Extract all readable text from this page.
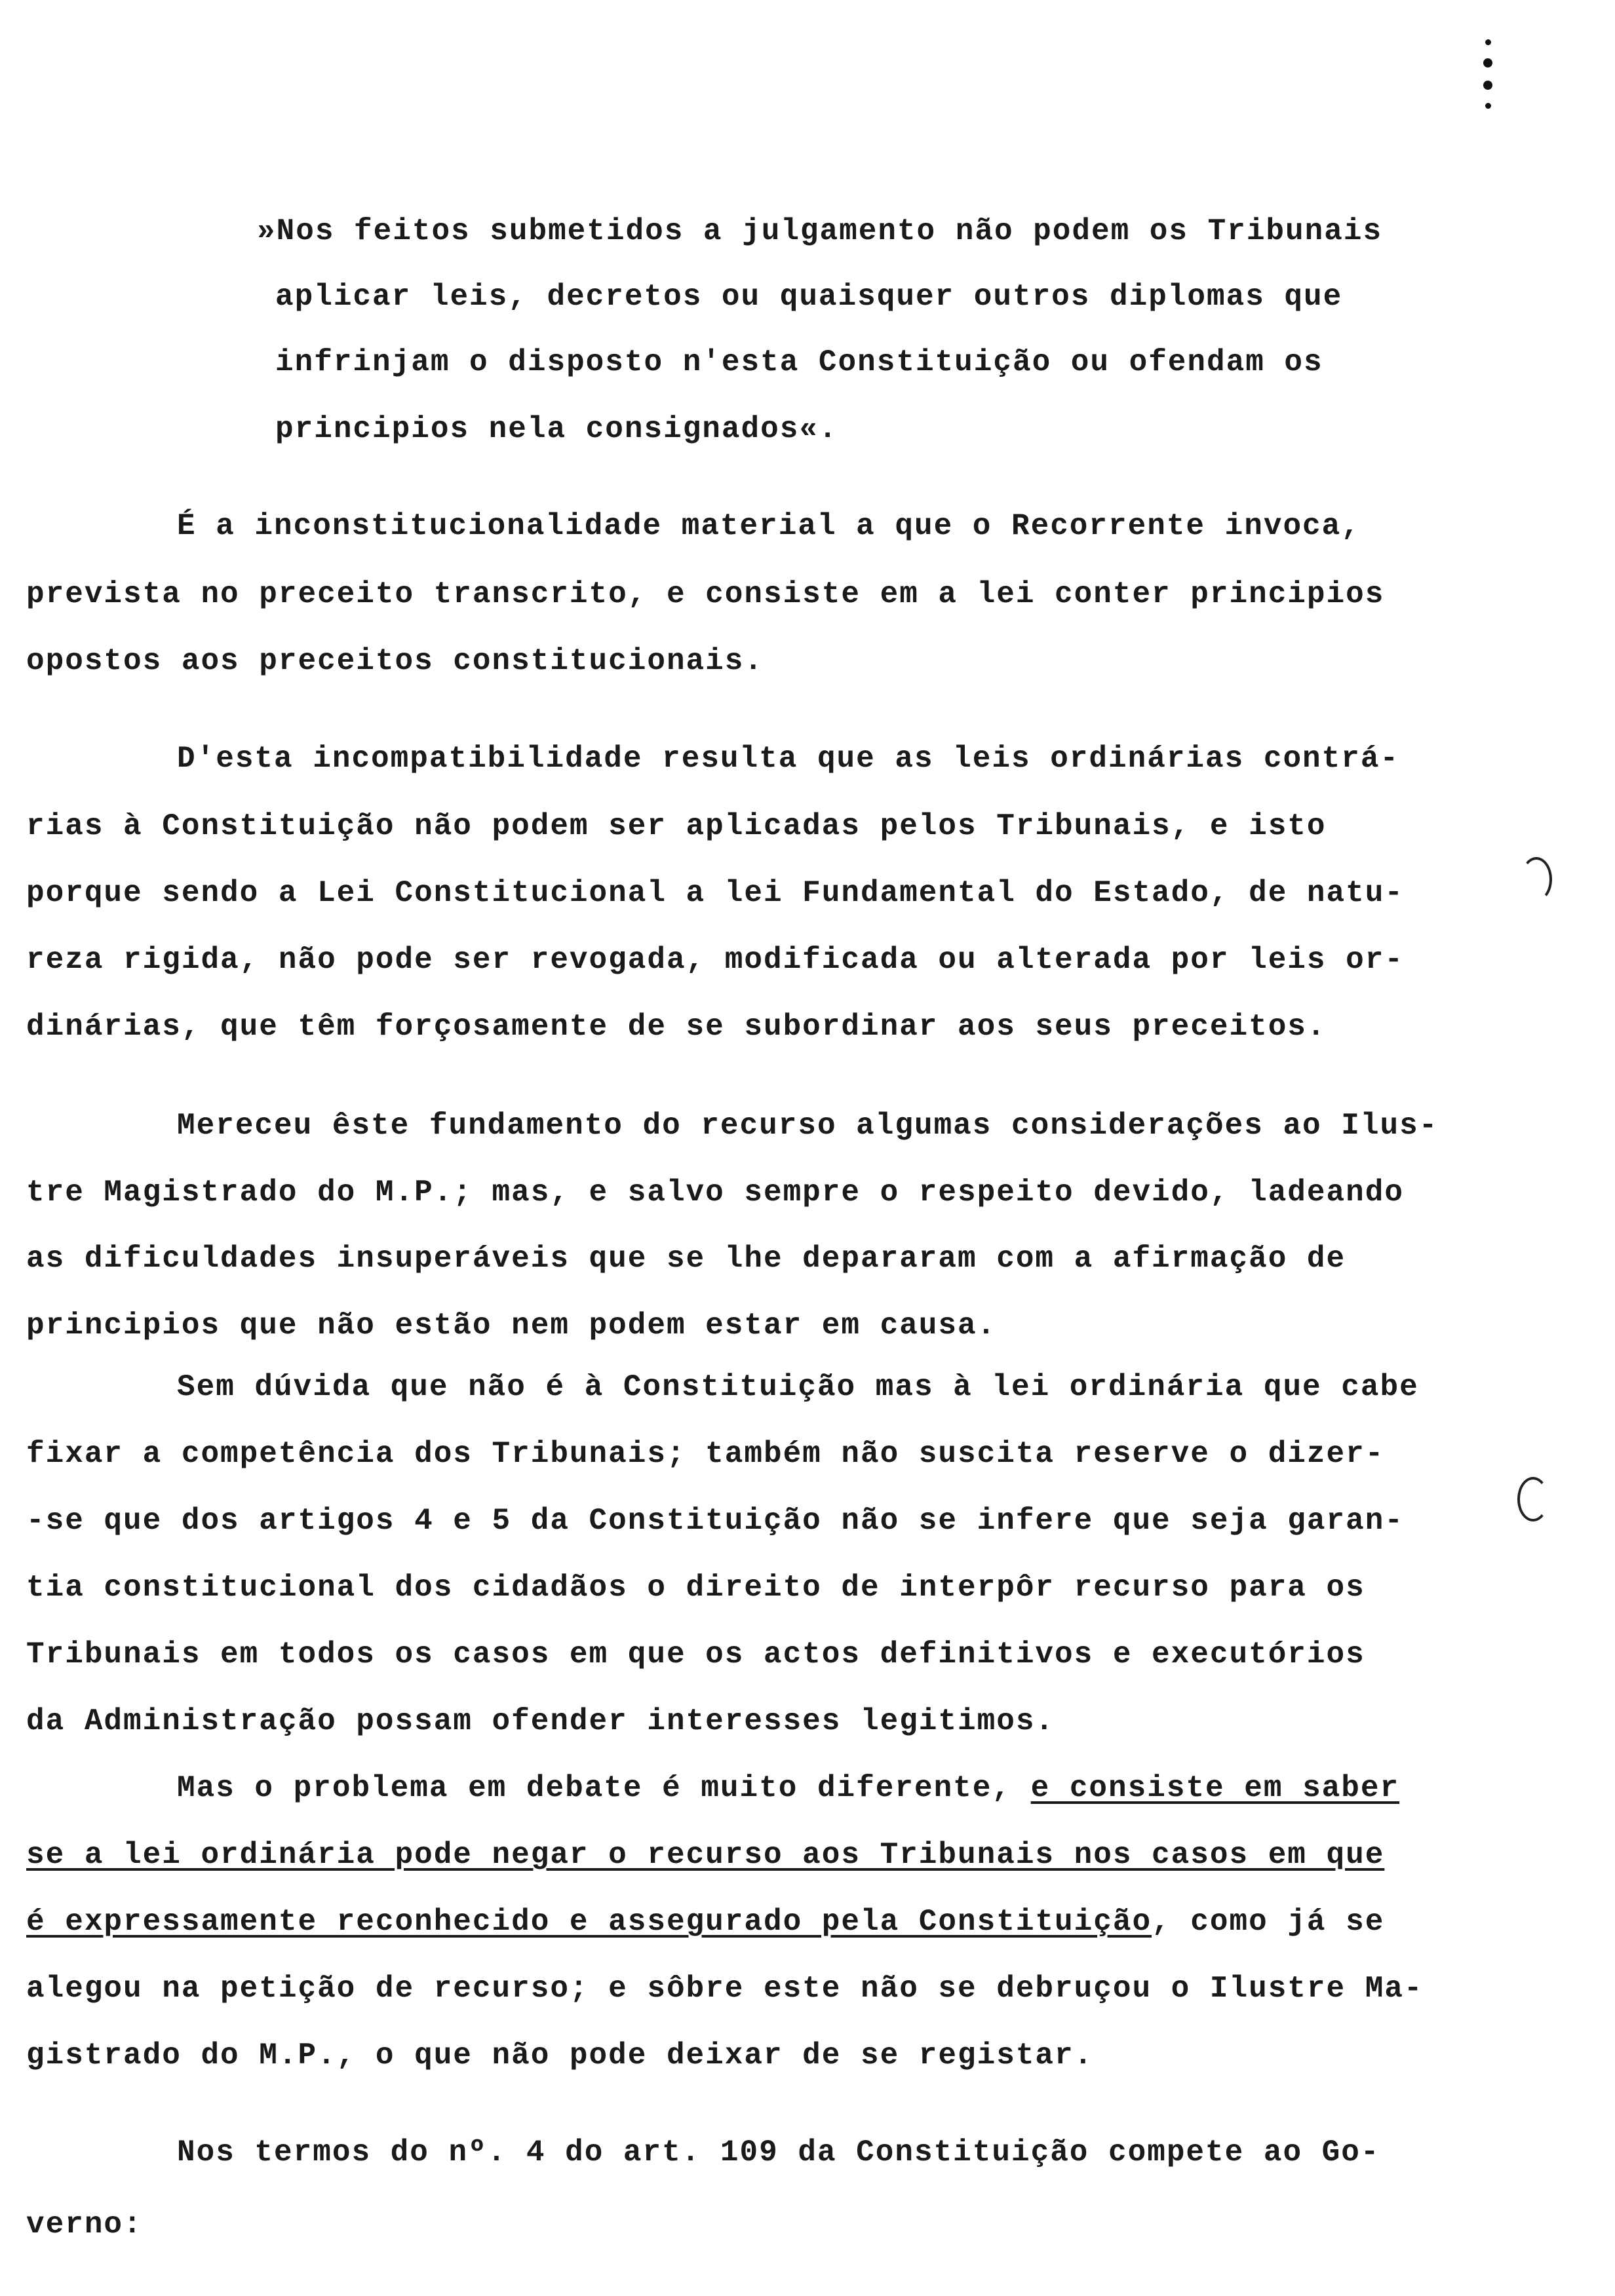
»Nos feitos submetidos a julgamento não podem os Tribunais
aplicar leis, decretos ou quaisquer outros diplomas que
infrinjam o disposto n'esta Constituição ou ofendam os
principios nela consignados«.
É a inconstitucionalidade material a que o Recorrente invoca,
prevista no preceito transcrito, e consiste em a lei conter principios
opostos aos preceitos constitucionais.
D'esta incompatibilidade resulta que as leis ordinárias contrá-
rias à Constituição não podem ser aplicadas pelos Tribunais, e isto
porque sendo a Lei Constitucional a lei Fundamental do Estado, de natu-
reza rigida, não pode ser revogada, modificada ou alterada por leis or-
dinárias, que têm forçosamente de se subordinar aos seus preceitos.
Mereceu êste fundamento do recurso algumas considerações ao Ilus-
tre Magistrado do M.P.; mas, e salvo sempre o respeito devido, ladeando
as dificuldades insuperáveis que se lhe depararam com a afirmação de
principios que não estão nem podem estar em causa.
Sem dúvida que não é à Constituição mas à lei ordinária que cabe
fixar a competência dos Tribunais; também não suscita reserve o dizer-
-se que dos artigos 4 e 5 da Constituição não se infere que seja garan-
tia constitucional dos cidadãos o direito de interpôr recurso para os
Tribunais em todos os casos em que os actos definitivos e executórios
da Administração possam ofender interesses legitimos.
Mas o problema em debate é muito diferente, e consiste em saber
se a lei ordinária pode negar o recurso aos Tribunais nos casos em que
é expressamente reconhecido e assegurado pela Constituição, como já se
alegou na petição de recurso; e sôbre este não se debruçou o Ilustre Ma-
gistrado do M.P., o que não pode deixar de se registar.
Nos termos do nº. 4 do art. 109 da Constituição compete ao Go-
verno:
